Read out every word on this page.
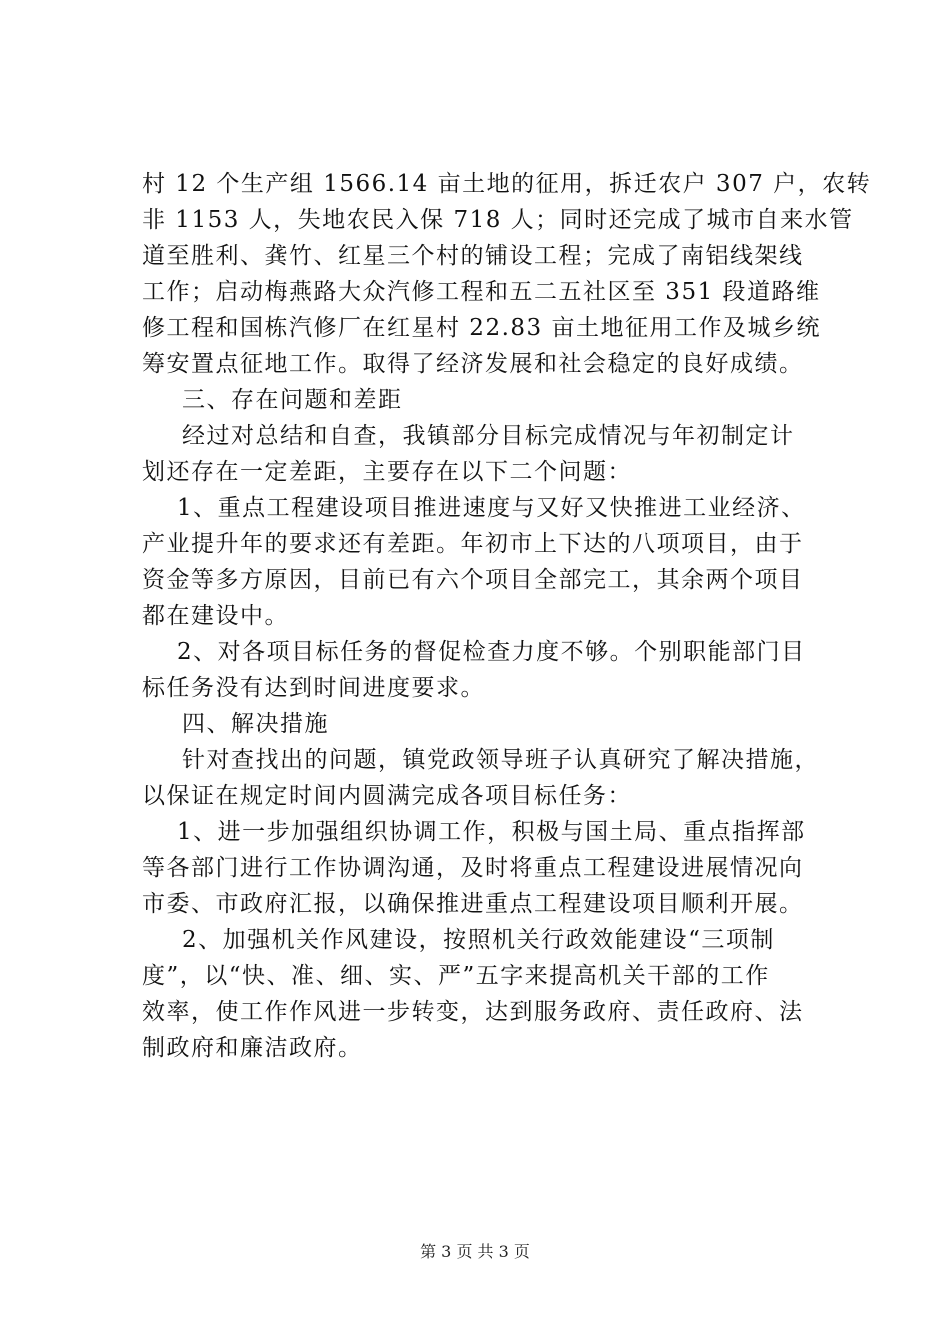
村 12 个生产组 1566.14 亩土地的征用，拆迁农户 307 户，农转
非 1153 人，失地农民入保 718 人；同时还完成了城市自来水管
道至胜利、龚竹、红星三个村的铺设工程；完成了南铝线架线
工作；启动梅燕路大众汽修工程和五二五社区至 351 段道路维
修工程和国栋汽修厂在红星村 22.83 亩土地征用工作及城乡统
筹安置点征地工作。取得了经济发展和社会稳定的良好成绩。
三、存在问题和差距
经过对总结和自查，我镇部分目标完成情况与年初制定计
划还存在一定差距，主要存在以下二个问题：
1、重点工程建设项目推进速度与又好又快推进工业经济、
产业提升年的要求还有差距。年初市上下达的八项项目，由于
资金等多方原因，目前已有六个项目全部完工，其余两个项目
都在建设中。
2、对各项目标任务的督促检查力度不够。个别职能部门目
标任务没有达到时间进度要求。
四、解决措施
针对查找出的问题，镇党政领导班子认真研究了解决措施，
以保证在规定时间内圆满完成各项目标任务：
1、进一步加强组织协调工作，积极与国土局、重点指挥部
等各部门进行工作协调沟通，及时将重点工程建设进展情况向
市委、市政府汇报，以确保推进重点工程建设项目顺利开展。
2、加强机关作风建设，按照机关行政效能建设“三项制
度”，以“快、准、细、实、严”五字来提高机关干部的工作
效率，使工作作风进一步转变，达到服务政府、责任政府、法
制政府和廉洁政府。
第 3 页 共 3 页
